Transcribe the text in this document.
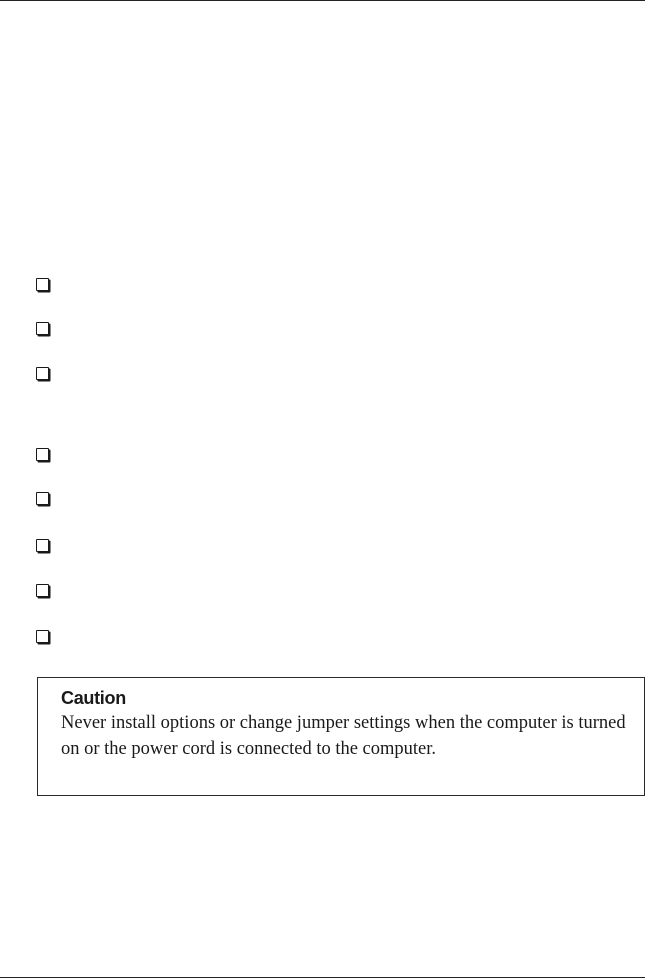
Caution

Never install options or change jumper settings when the computer is turned on or the power cord is connected to the computer.
